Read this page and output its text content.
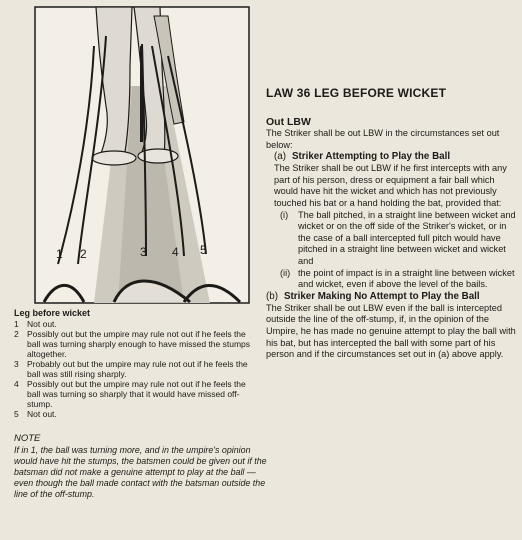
1 2	3 4 5
Leg before wicket
1 Not out.
2 Possibly out but the umpire may rule not out if he feels the ball was turning sharply enough to have missed the stumps altogether.
3 Probably out but the umpire may rule not out if he feels the ball was still rising sharply.
4 Possibly out but the umpire may rule not out if he feels the ball was turning so sharply that it would have missed off-stump.
5 Not out.
NOTE
If in 1, the ball was turning more, and in the umpire's opinion would have hit the stumps, the batsmen could be given out if the batsman did not make a genuine attempt to play at the ball — even though the ball made contact with the batsman outside the line of the off-stump.
LAW 36 LEG BEFORE WICKET
Out LBW
The Striker shall be out LBW in the circumstances set out below:
(a) Striker Attempting to Play the Ball
The Striker shall be out LBW if he first intercepts with any part of his person, dress or equipment a fair ball which would have hit the wicket and which has not previously touched his bat or a hand holding the bat, provided that:
(i)	The ball pitched, in a straight line between wicket and wicket or on the off side of the Striker's wicket, or in the case of a ball intercepted full pitch would have pitched in a straight line between wicket and wicket
and
(ii) the point of impact is in a straight line between wicket and wicket, even if above the level of the bails.
(b) Striker Making No Attempt to Play the Ball
The Striker shall be out LBW even if the ball is intercepted outside the line of the off-stump, if, in the opinion of the Umpire, he has made no genuine attempt to play the ball with his bat, but has intercepted the ball with some part of his person and if the circumstances set out in (a) above apply.
